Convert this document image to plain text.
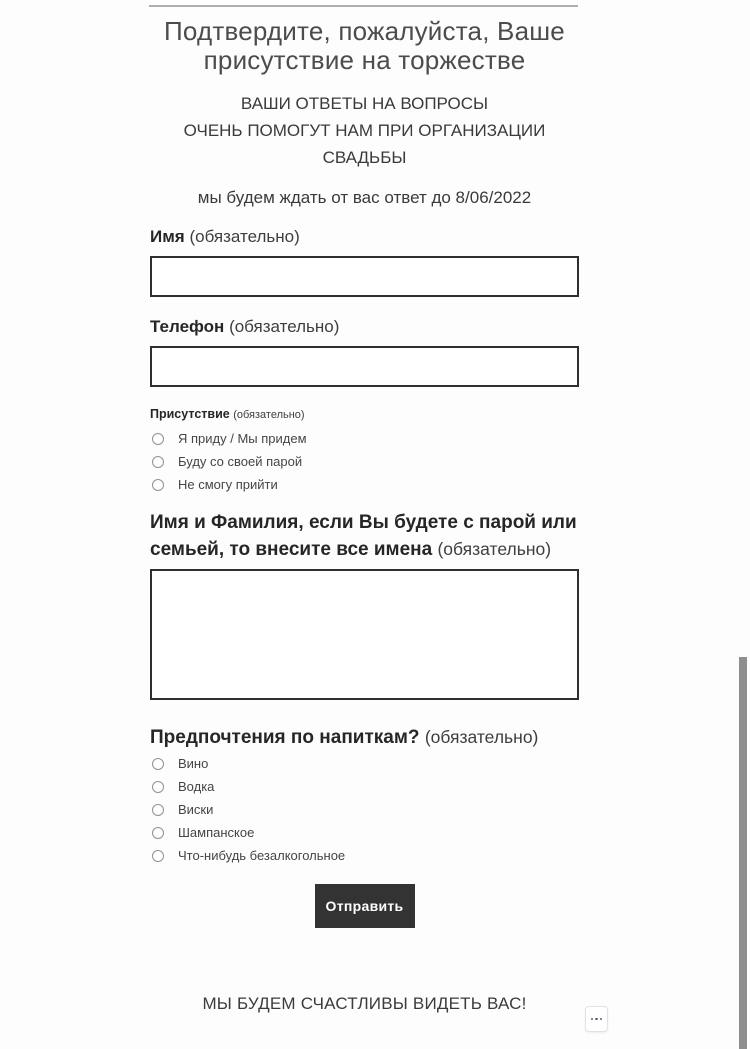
Подтвердите, пожалуйста, Ваше присутствие на торжестве
ВАШИ ОТВЕТЫ НА ВОПРОСЫ
ОЧЕНЬ ПОМОГУТ НАМ ПРИ ОРГАНИЗАЦИИ
СВАДЬБЫ
мы будем ждать от вас ответ до 8/06/2022
Имя (обязательно)
Телефон (обязательно)
Присутствие (обязательно)
Я приду / Мы придем
Буду со своей парой
Не смогу прийти
Имя и Фамилия, если Вы будете с парой или семьей, то внесите все имена (обязательно)
Предпочтения по напиткам? (обязательно)
Вино
Водка
Виски
Шампанское
Что-нибудь безалкогольное
Отправить
МЫ БУДЕМ СЧАСТЛИВЫ ВИДЕТЬ ВАС!
